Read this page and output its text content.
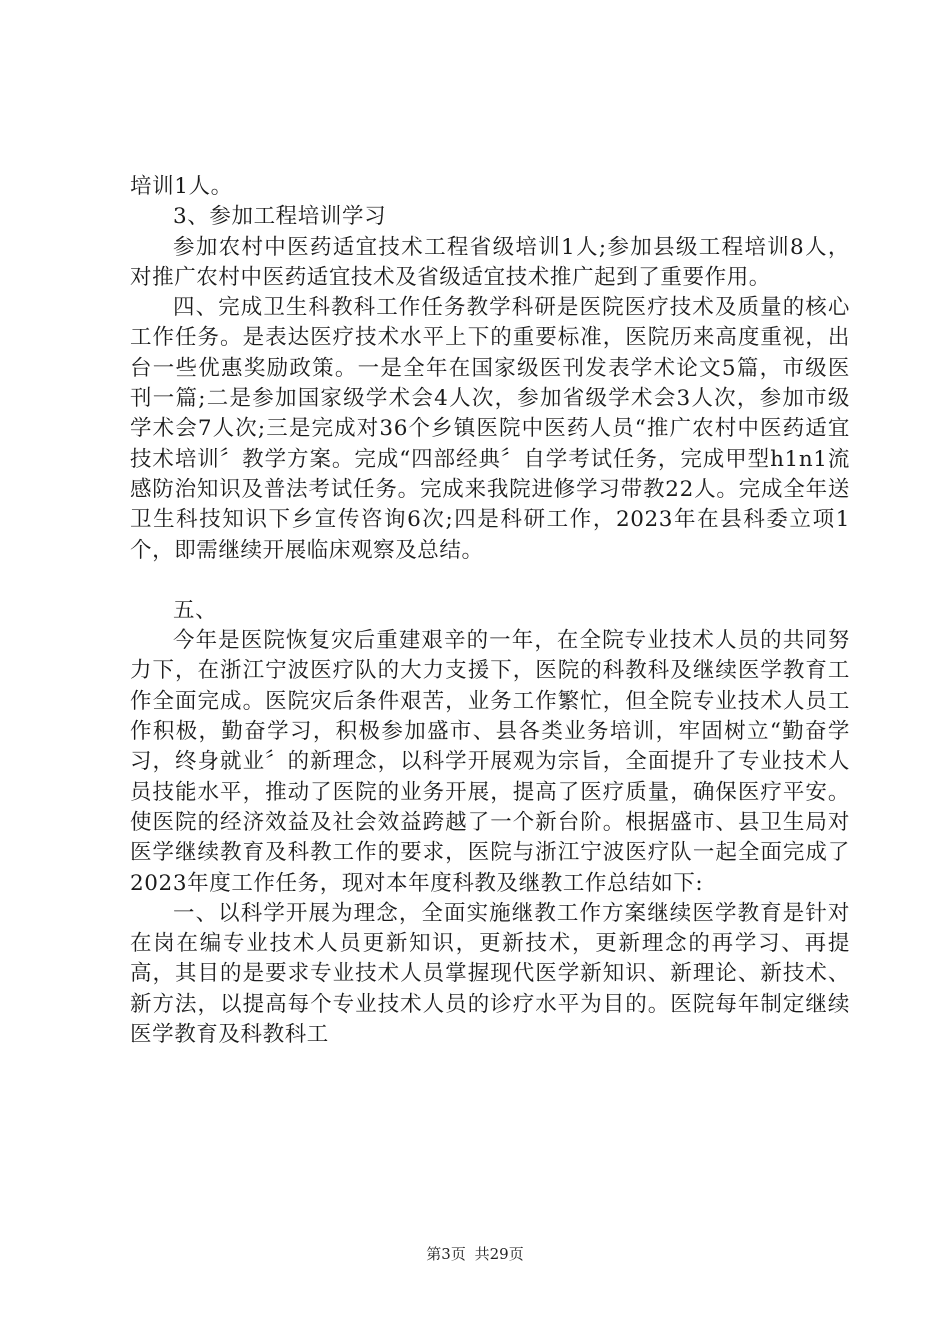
培训1人。

3、参加工程培训学习

参加农村中医药适宜技术工程省级培训1人;参加县级工程培训8人，对推广农村中医药适宜技术及省级适宜技术推广起到了重要作用。

四、完成卫生科教科工作任务教学科研是医院医疗技术及质量的核心工作任务。是表达医疗技术水平上下的重要标准，医院历来高度重视，出台一些优惠奖励政策。一是全年在国家级医刊发表学术论文5篇，市级医刊一篇;二是参加国家级学术会4人次，参加省级学术会3人次，参加市级学术会7人次;三是完成对36个乡镇医院中医药人员“推广农村中医药适宜技术培训〞教学方案。完成“四部经典〞自学考试任务，完成甲型h1n1流感防治知识及普法考试任务。完成来我院进修学习带教22人。完成全年送卫生科技知识下乡宣传咨询6次;四是科研工作，2023年在县科委立项1个，即需继续开展临床观察及总结。

五、

今年是医院恢复灾后重建艰辛的一年，在全院专业技术人员的共同努力下，在浙江宁波医疗队的大力支援下，医院的科教科及继续医学教育工作全面完成。医院灾后条件艰苦，业务工作繁忙，但全院专业技术人员工作积极，勤奋学习，积极参加盛市、县各类业务培训，牢固树立“勤奋学习，终身就业〞的新理念，以科学开展观为宗旨，全面提升了专业技术人员技能水平，推动了医院的业务开展，提高了医疗质量，确保医疗平安。使医院的经济效益及社会效益跨越了一个新台阶。根据盛市、县卫生局对医学继续教育及科教工作的要求，医院与浙江宁波医疗队一起全面完成了2023年度工作任务，现对本年度科教及继教工作总结如下:

一、以科学开展为理念，全面实施继教工作方案继续医学教育是针对在岗在编专业技术人员更新知识，更新技术，更新理念的再学习、再提高，其目的是要求专业技术人员掌握现代医学新知识、新理论、新技术、新方法，以提高每个专业技术人员的诊疗水平为目的。医院每年制定继续医学教育及科教科工

第3页 共29页
